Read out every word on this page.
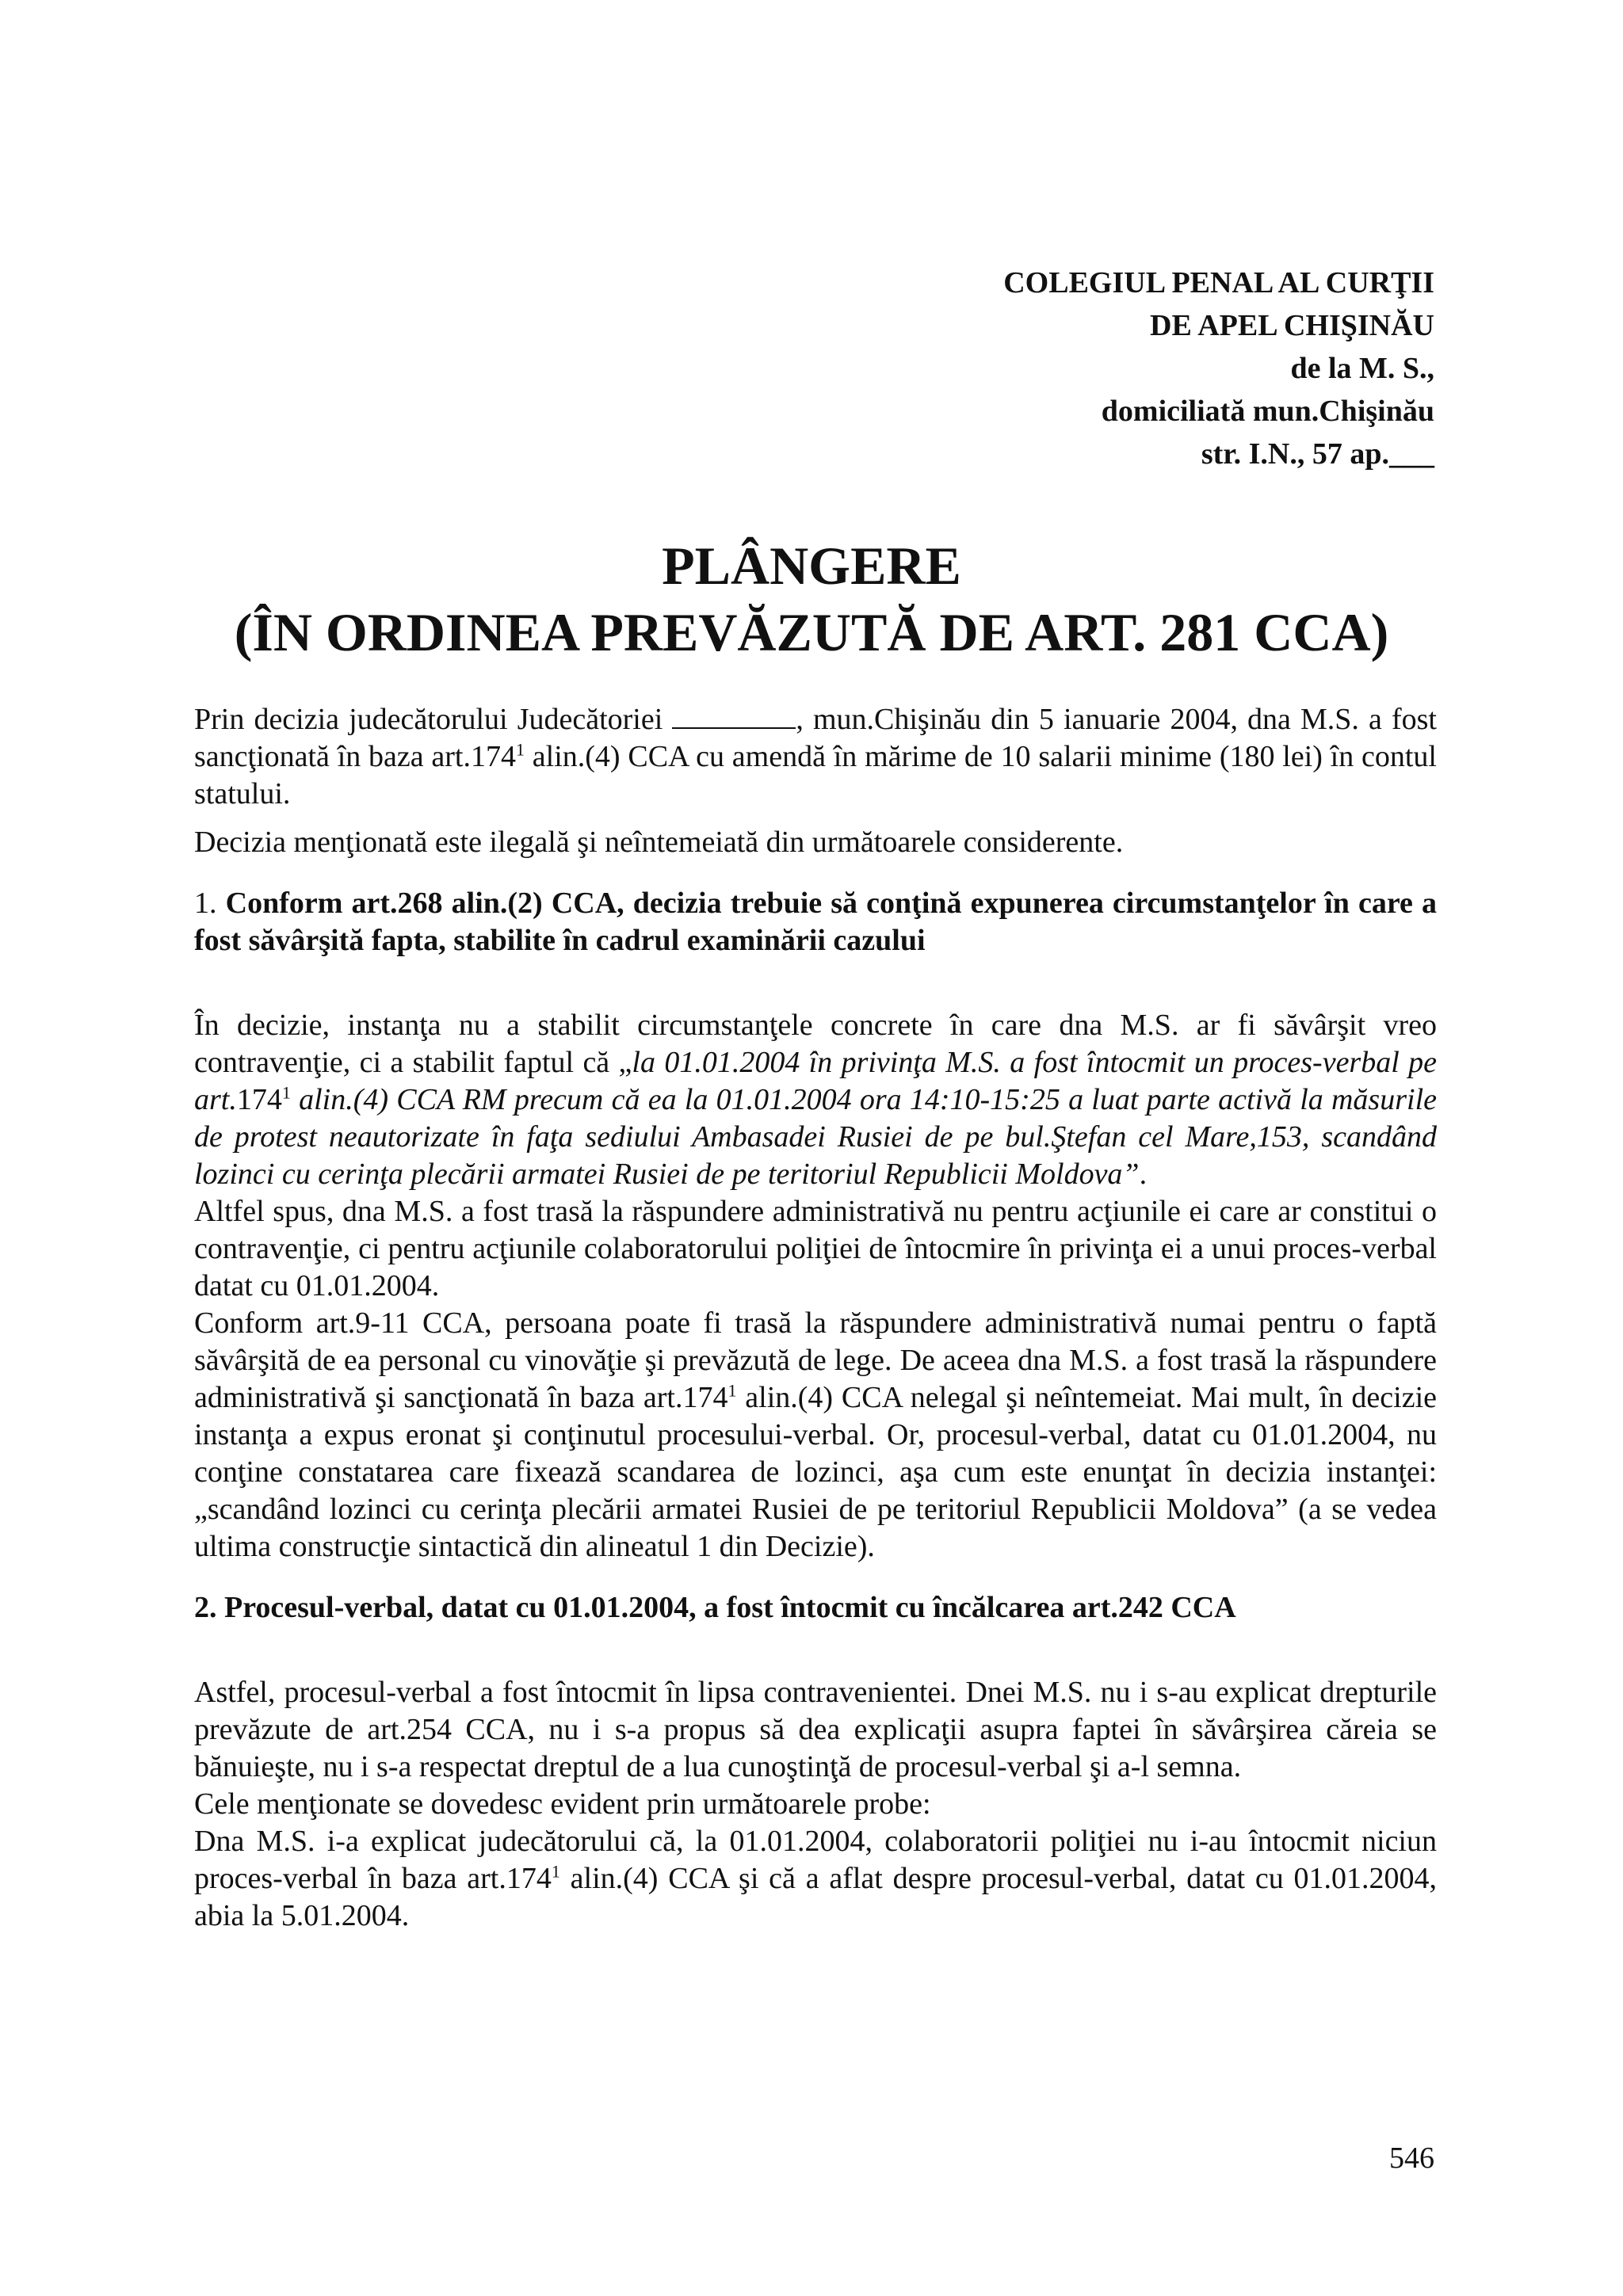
COLEGIUL PENAL AL CURŢII
DE APEL CHIŞINĂU
de la M. S.,
domiciliată mun.Chişinău
str. I.N., 57 ap.___
PLÂNGERE
(ÎN ORDINEA PREVĂZUTĂ DE ART. 281 CCA)

Prin decizia judecătorului Judecătoriei	, mun.Chişinău din 5 ianuarie 2004, dna M.S. a fost sancţionată în baza art.174$^1$ alin.(4) CCA cu amendă în mărime de 10 salarii minime (180 lei) în contul statului.

Decizia menţionată este ilegală şi neîntemeiată din următoarele considerente.

1. Conform art.268 alin.(2) CCA, decizia trebuie să conţină expunerea circumstanţelor în care a fost săvârşită fapta, stabilite în cadrul examinării cazului

În decizie, instanţa nu a stabilit circumstanţele concrete în care dna M.S. ar fi săvârşit vreo contravenţie, ci a stabilit faptul că „la 01.01.2004 în privinţa M.S. a fost întocmit un proces-verbal pe art.174$^1$ alin.(4) CCA RM precum că ea la 01.01.2004 ora 14:10-15:25 a luat parte activă la măsurile de protest neautorizate în faţa sediului Ambasadei Rusiei de pe bul.Ştefan cel Mare,153, scandând lozinci cu cerinţa plecării armatei Rusiei de pe teritoriul Republicii Moldova”.

Altfel spus, dna M.S. a fost trasă la răspundere administrativă nu pentru acţiunile ei care ar constitui o contravenţie, ci pentru acţiunile colaboratorului poliţiei de întocmire în privinţa ei a unui proces-verbal datat cu 01.01.2004.

Conform art.9-11 CCA, persoana poate fi trasă la răspundere administrativă numai pentru o faptă săvârşită de ea personal cu vinovăţie şi prevăzută de lege. De aceea dna M.S. a fost trasă la răspundere administrativă şi sancţionată în baza art.174$^1$ alin.(4) CCA nelegal şi neîntemeiat. Mai mult, în decizie instanţa a expus eronat şi conţinutul procesului-verbal. Or, procesul-verbal, datat cu 01.01.2004, nu conţine constatarea care fixează scandarea de lozinci, aşa cum este enunţat în decizia instanţei: „scandând lozinci cu cerinţa plecării armatei Rusiei de pe teritoriul Republicii Moldova” (a se vedea ultima construcţie sintactică din alineatul 1 din Decizie).

2. Procesul-verbal, datat cu 01.01.2004, a fost întocmit cu încălcarea art.242 CCA

Astfel, procesul-verbal a fost întocmit în lipsa contravenientei. Dnei M.S. nu i s-au explicat drepturile prevăzute de art.254 CCA, nu i s-a propus să dea explicaţii asupra faptei în săvârşirea căreia se bănuieşte, nu i s-a respectat dreptul de a lua cunoştinţă de procesul-verbal şi a-l semna.

Cele menţionate se dovedesc evident prin următoarele probe:

Dna M.S. i-a explicat judecătorului că, la 01.01.2004, colaboratorii poliţiei nu i-au întocmit niciun proces-verbal în baza art.174$^1$ alin.(4) CCA şi că a aflat despre procesul-verbal, datat cu 01.01.2004, abia la 5.01.2004.

546
